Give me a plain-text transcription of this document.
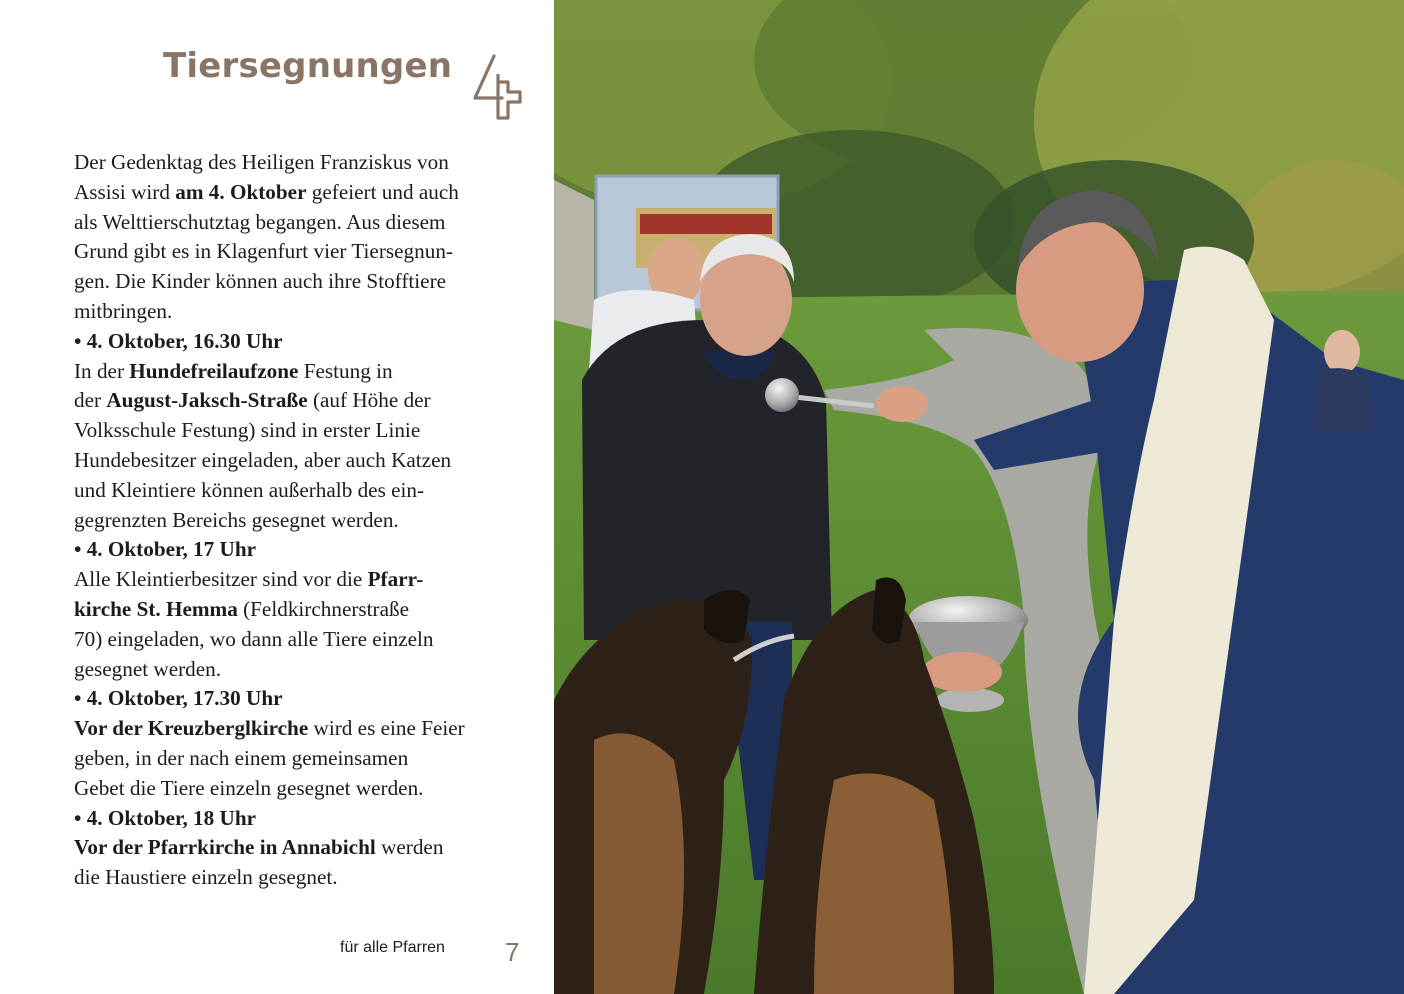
Tiersegnungen
Der Gedenktag des Heiligen Franziskus von
Assisi wird am 4. Oktober gefeiert und auch
als Welttierschutztag begangen. Aus diesem
Grund gibt es in Klagenfurt vier Tiersegnun-
gen. Die Kinder können auch ihre Stofftiere
mitbringen.
• 4. Oktober, 16.30 Uhr
In der Hundefreilaufzone Festung in
der August-Jaksch-Straße (auf Höhe der
Volksschule Festung) sind in erster Linie
Hundebesitzer eingeladen, aber auch Katzen
und Kleintiere können außerhalb des ein-
gegrenzten Bereichs gesegnet werden.
• 4. Oktober, 17 Uhr
Alle Kleintierbesitzer sind vor die Pfarr-
kirche St. Hemma (Feldkirchnerstraße
70) eingeladen, wo dann alle Tiere einzeln
gesegnet werden.
• 4. Oktober, 17.30 Uhr
Vor der Kreuzberglkirche wird es eine Feier
geben, in der nach einem gemeinsamen
Gebet die Tiere einzeln gesegnet werden.
• 4. Oktober, 18 Uhr
Vor der Pfarrkirche in Annabichl werden
die Haustiere einzeln gesegnet.
für alle Pfarren 7
